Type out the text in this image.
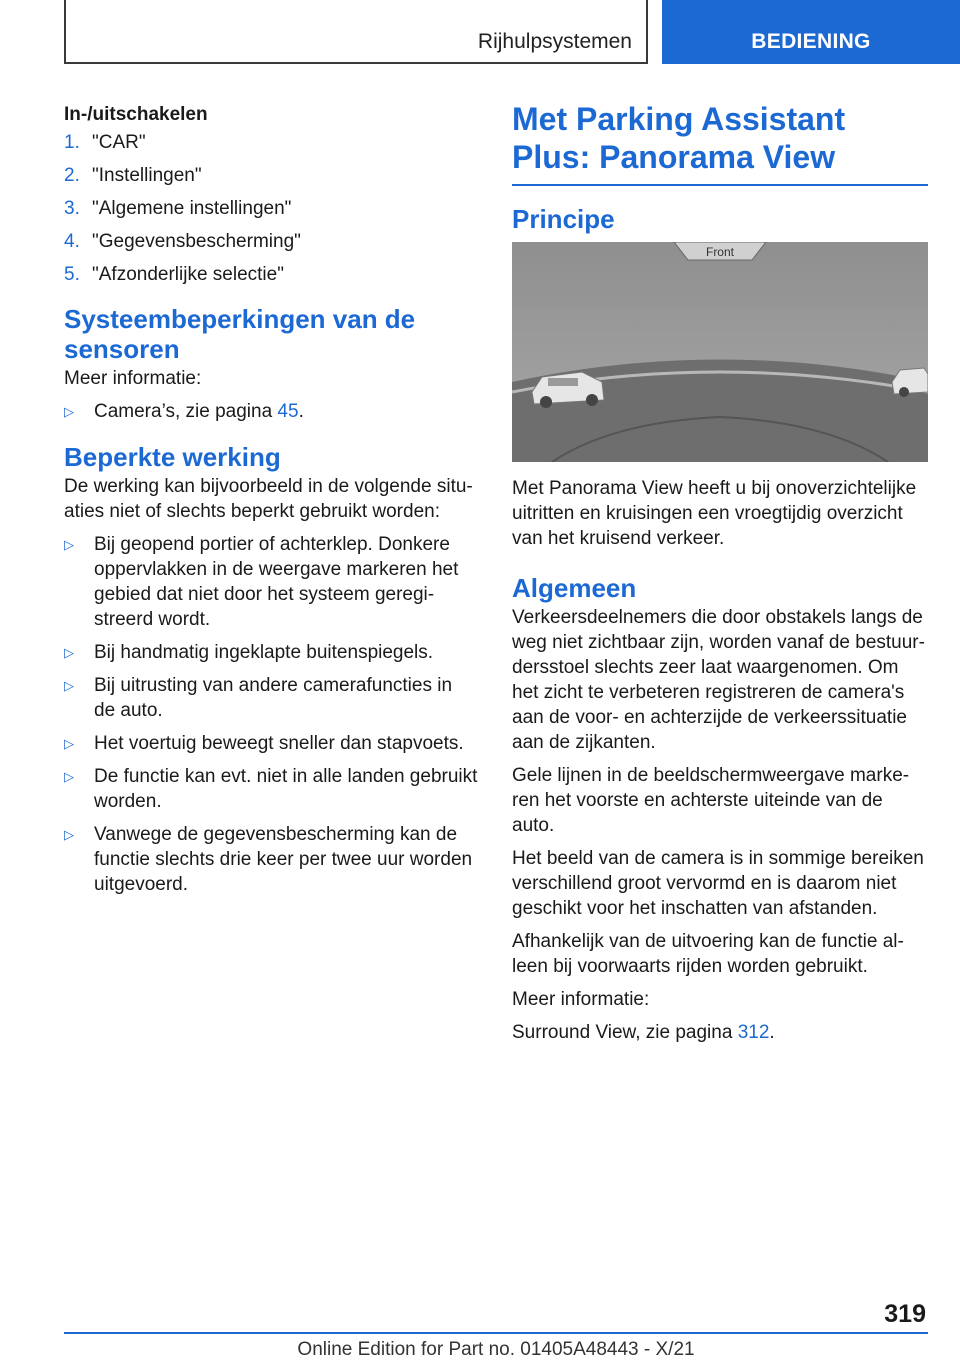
Rijhulpsystemen	BEDIENING
In-/uitschakelen
1. "CAR"
2. "Instellingen"
3. "Algemene instellingen"
4. "Gegevensbescherming"
5. "Afzonderlijke selectie"
Systeembeperkingen van de sensoren

Meer informatie:

▷ Camera’s, zie pagina 45.
Beperkte werking

De werking kan bijvoorbeeld in de volgende situaties niet of slechts beperkt gebruikt worden:

▷ Bij geopend portier of achterklep. Donkere oppervlakken in de weergave markeren het gebied dat niet door het systeem geregistreerd wordt.
▷ Bij handmatig ingeklapte buitenspiegels.
▷ Bij uitrusting van andere camerafuncties in de auto.
▷ Het voertuig beweegt sneller dan stapvoets.
▷ De functie kan evt. niet in alle landen gebruikt worden.
▷ Vanwege de gegevensbescherming kan de functie slechts drie keer per twee uur worden uitgevoerd.
Met Parking Assistant Plus: Panorama View
Principe
Front

Met Panorama View heeft u bij onoverzichtelijke uitritten en kruisingen een vroegtijdig overzicht van het kruisend verkeer.

Algemeen

Verkeersdeelnemers die door obstakels langs de weg niet zichtbaar zijn, worden vanaf de bestuurdersstoel slechts zeer laat waargenomen. Om het zicht te verbeteren registreren de camera's aan de voor- en achterzijde de verkeerssituatie aan de zijkanten.

Gele lijnen in de beeldschermweergave markeren het voorste en achterste uiteinde van de auto.

Het beeld van de camera is in sommige bereiken verschillend groot vervormd en is daarom niet geschikt voor het inschatten van afstanden.

Afhankelijk van de uitvoering kan de functie alleen bij voorwaarts rijden worden gebruikt.

Meer informatie:

Surround View, zie pagina 312.

319
Online Edition for Part no. 01405A48443 - X/21
